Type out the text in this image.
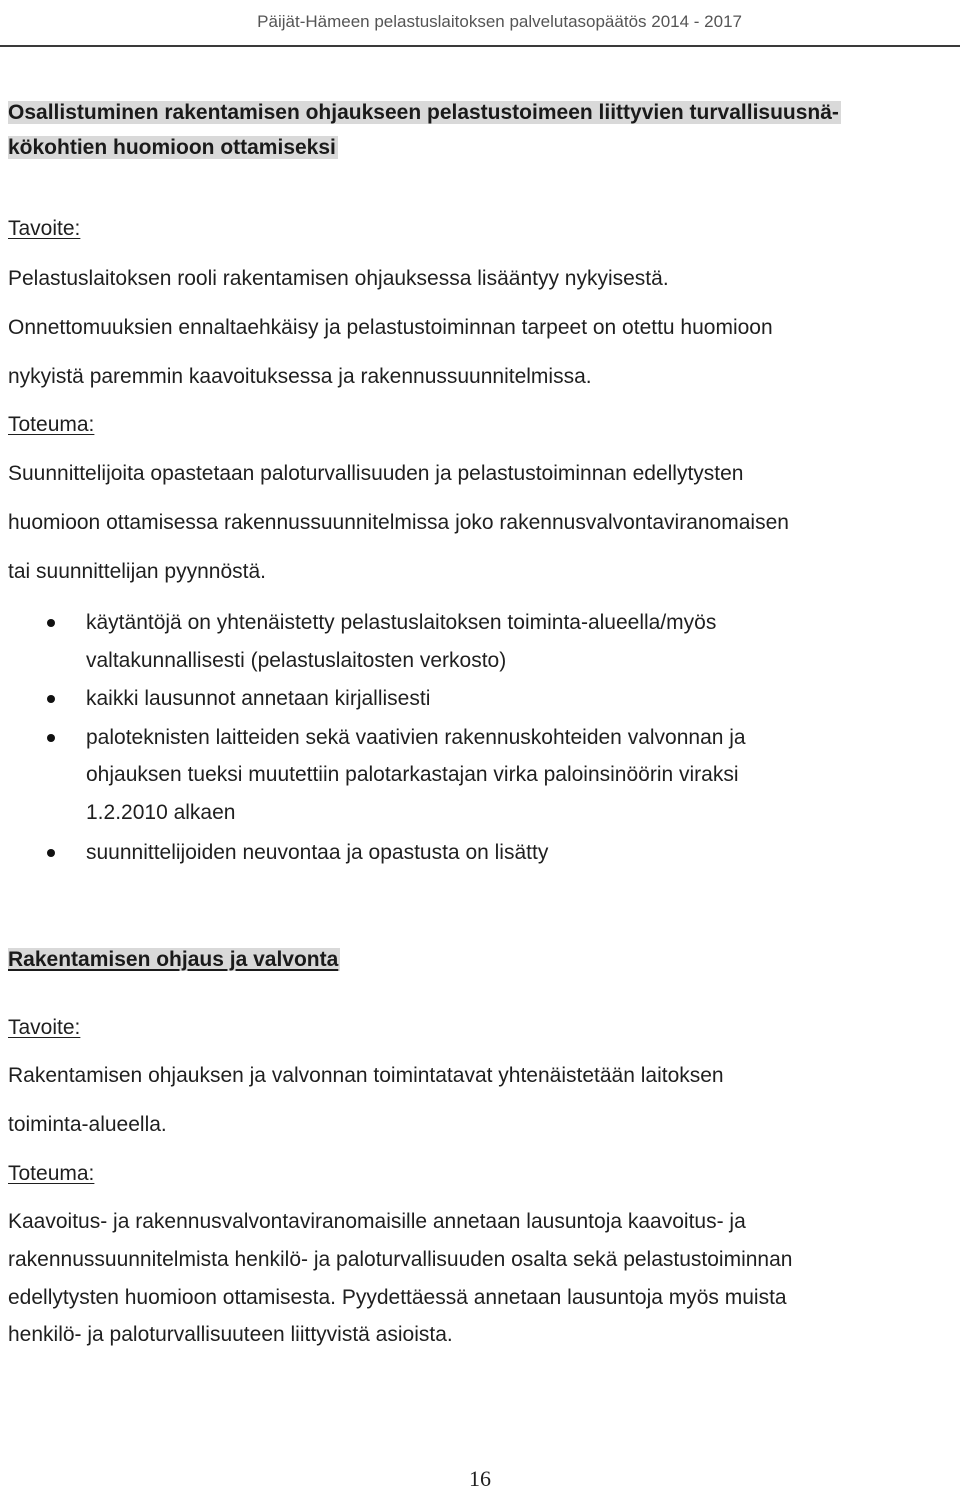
Päijät-Hämeen pelastuslaitoksen palvelutasopäätös 2014 - 2017
Osallistuminen rakentamisen ohjaukseen pelastustoimeen liittyvien turvallisuusnä-
kökohtien huomioon ottamiseksi
Tavoite:
Pelastuslaitoksen rooli rakentamisen ohjauksessa lisääntyy nykyisestä.
Onnettomuuksien ennaltaehkäisy ja pelastustoiminnan tarpeet on otettu huomioon
nykyistä paremmin kaavoituksessa ja rakennussuunnitelmissa.
Toteuma:
Suunnittelijoita opastetaan paloturvallisuuden ja pelastustoiminnan edellytysten
huomioon ottamisessa rakennussuunnitelmissa joko rakennusvalvontaviranomaisen
tai suunnittelijan pyynnöstä.
käytäntöjä on yhtenäistetty pelastuslaitoksen toiminta-alueella/myös
valtakunnallisesti (pelastuslaitosten verkosto)
kaikki lausunnot annetaan kirjallisesti
paloteknisten laitteiden sekä vaativien rakennuskohteiden valvonnan ja
ohjauksen tueksi muutettiin palotarkastajan virka paloinsinöörin viraksi
1.2.2010 alkaen
suunnittelijoiden neuvontaa ja opastusta on lisätty
Rakentamisen ohjaus ja valvonta
Tavoite:
Rakentamisen ohjauksen ja valvonnan toimintatavat yhtenäistetään laitoksen
toiminta-alueella.
Toteuma:
Kaavoitus- ja rakennusvalvontaviranomaisille annetaan lausuntoja kaavoitus- ja
rakennussuunnitelmista henkilö- ja paloturvallisuuden osalta sekä pelastustoiminnan
edellytysten huomioon ottamisesta. Pyydettäessä annetaan lausuntoja myös muista
henkilö- ja paloturvallisuuteen liittyvistä asioista.
16
